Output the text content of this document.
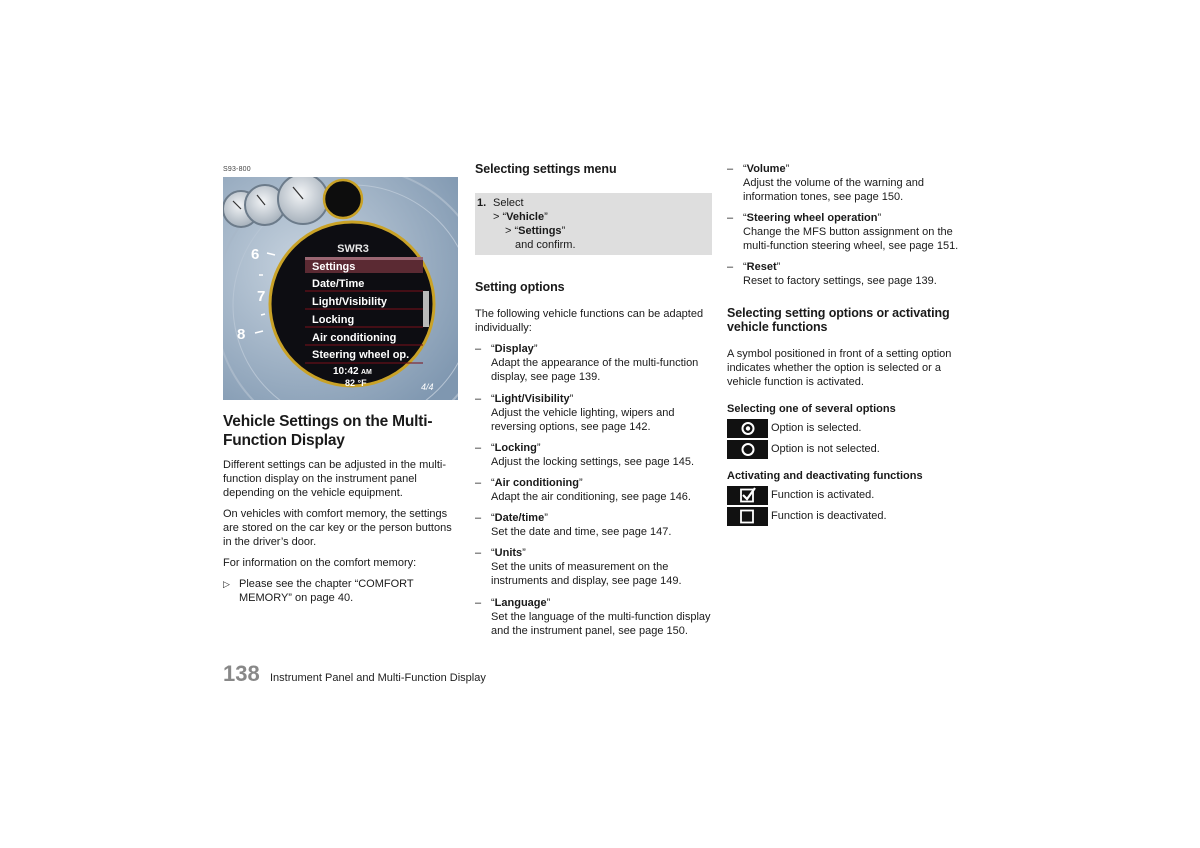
S93-800
6
7
8
SWR3
Settings
Date/Time
Light/Visibility
Locking
Air conditioning
Steering wheel op.
10:42 AM
82 °F	4/4
Vehicle Settings on the Multi-Function Display

Different settings can be adjusted in the multi-function display on the instrument panel depending on the vehicle equipment.

On vehicles with comfort memory, the settings are stored on the car key or the person buttons in the driver’s door.

For information on the comfort memory:

▷ Please see the chapter “COMFORT MEMORY” on page 40.

Selecting settings menu

1. Select
> “Vehicle”
> “Settings”
and confirm.

Setting options

The following vehicle functions can be adapted individually:

– “Display”
Adapt the appearance of the multi-function display, see page 139.
– “Light/Visibility”
Adjust the vehicle lighting, wipers and reversing options, see page 142.
– “Locking”
Adjust the locking settings, see page 145.
– “Air conditioning”
Adapt the air conditioning, see page 146.
– “Date/time”
Set the date and time, see page 147.
– “Units”
Set the units of measurement on the instruments and display, see page 149.
– “Language”
Set the language of the multi-function display and the instrument panel, see page 150.
– “Volume”
Adjust the volume of the warning and information tones, see page 150.
– “Steering wheel operation”
Change the MFS button assignment on the multi-function steering wheel, see page 151.
– “Reset”
Reset to factory settings, see page 139.

Selecting setting options or activating vehicle functions

A symbol positioned in front of a setting option indicates whether the option is selected or a vehicle function is activated.

Selecting one of several options

Option is selected.
Option is not selected.

Activating and deactivating functions

Function is activated.
Function is deactivated.
138 Instrument Panel and Multi-Function Display
